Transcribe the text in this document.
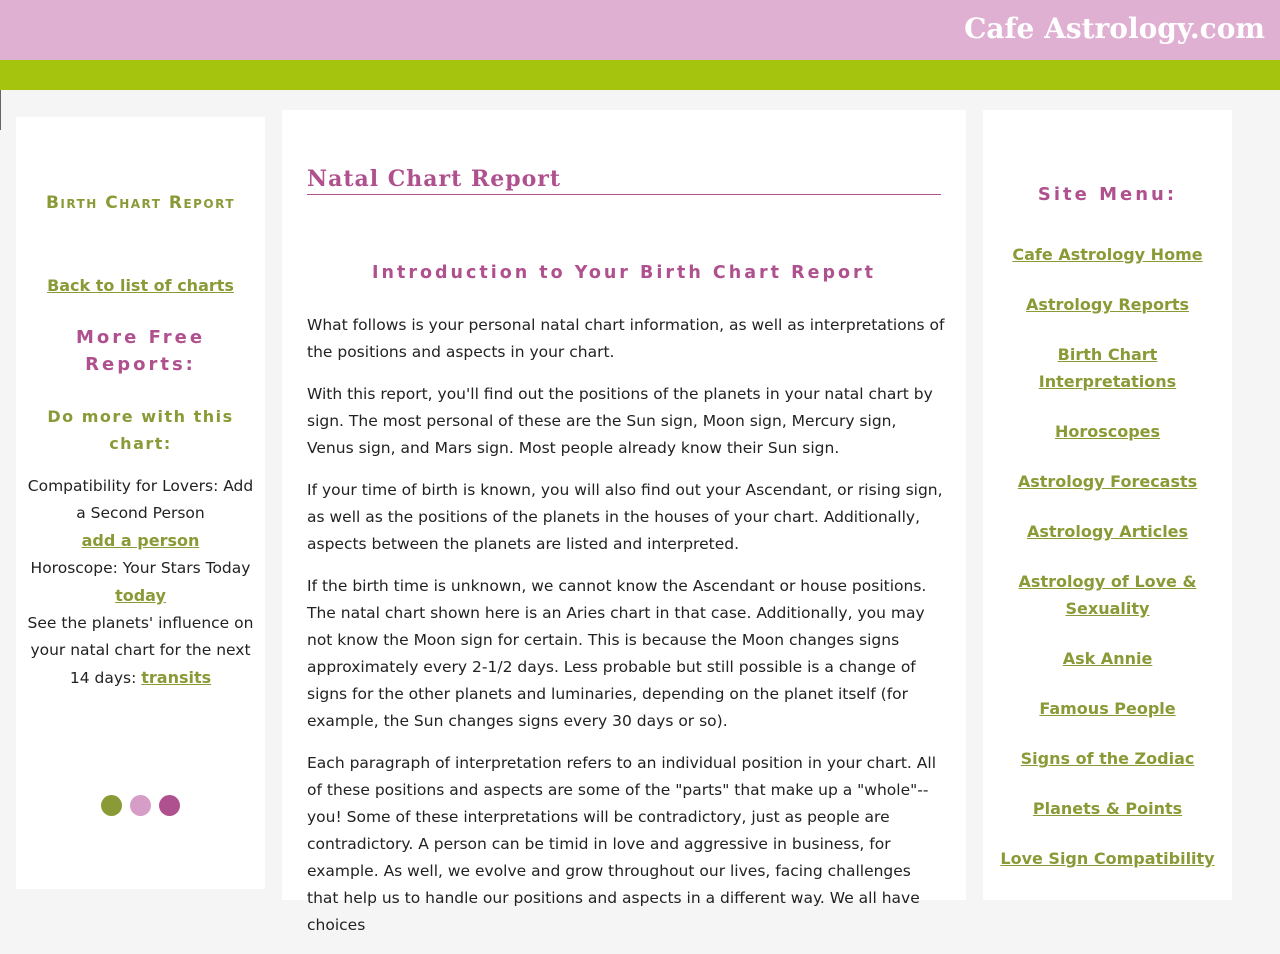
Cafe Astrology.com
Birth Chart Report
Back to list of charts
More Free Reports:
Do more with this chart:
Compatibility for Lovers: Add a Second Person
add a person
Horoscope: Your Stars Today
today
See the planets' influence on your natal chart for the next 14 days: transits
Natal Chart Report
Introduction to Your Birth Chart Report

What follows is your personal natal chart information, as well as interpretations of the positions and aspects in your chart.

With this report, you'll find out the positions of the planets in your natal chart by sign. The most personal of these are the Sun sign, Moon sign, Mercury sign, Venus sign, and Mars sign. Most people already know their Sun sign.

If your time of birth is known, you will also find out your Ascendant, or rising sign, as well as the positions of the planets in the houses of your chart. Additionally, aspects between the planets are listed and interpreted.

If the birth time is unknown, we cannot know the Ascendant or house positions. The natal chart shown here is an Aries chart in that case. Additionally, you may not know the Moon sign for certain. This is because the Moon changes signs approximately every 2-1/2 days. Less probable but still possible is a change of signs for the other planets and luminaries, depending on the planet itself (for example, the Sun changes signs every 30 days or so).

Each paragraph of interpretation refers to an individual position in your chart. All of these positions and aspects are some of the "parts" that make up a "whole"--you! Some of these interpretations will be contradictory, just as people are contradictory. A person can be timid in love and aggressive in business, for example. As well, we evolve and grow throughout our lives, facing challenges that help us to handle our positions and aspects in a different way. We all have choices

Site Menu:
Cafe Astrology Home
Astrology Reports
Birth Chart Interpretations
Horoscopes
Astrology Forecasts
Astrology Articles
Astrology of Love & Sexuality
Ask Annie
Famous People
Signs of the Zodiac
Planets & Points
Love Sign Compatibility
